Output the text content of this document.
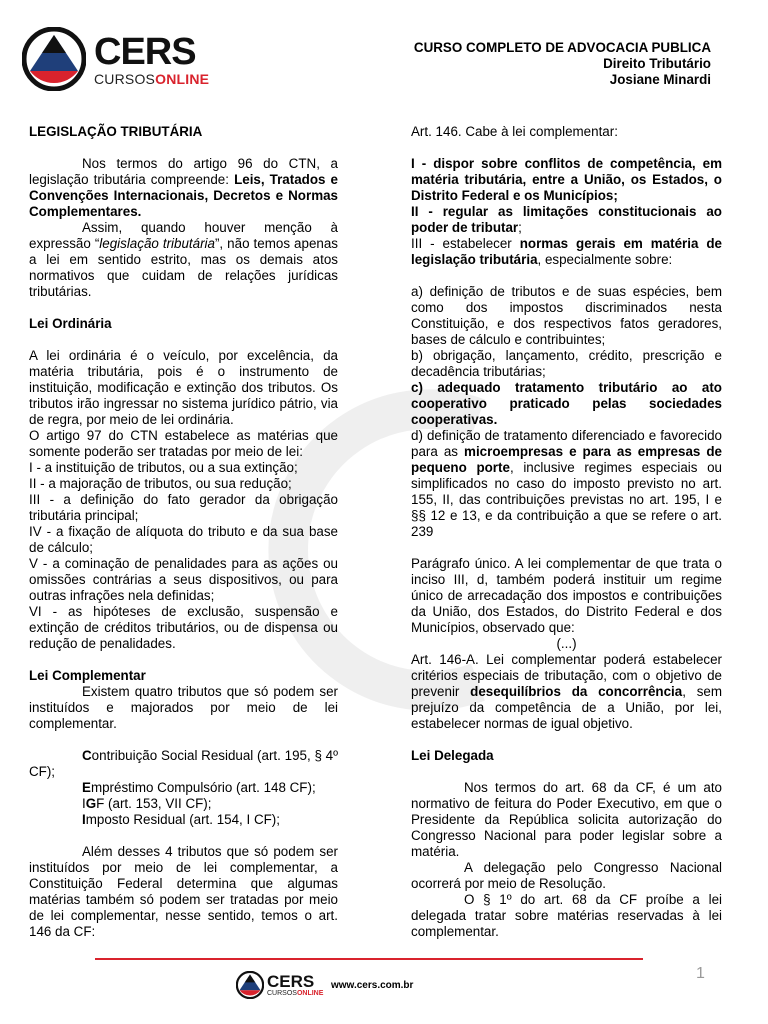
CERS
CURSOSONLINE
CURSO COMPLETO DE ADVOCACIA PUBLICA
Direito Tributário
Josiane Minardi

LEGISLAÇÃO TRIBUTÁRIA

Nos termos do artigo 96 do CTN, a legislação tributária compreende: Leis, Tratados e Convenções Internacionais, Decretos e Normas Complementares.

Assim, quando houver menção à expressão “legislação tributária”, não temos apenas a lei em sentido estrito, mas os demais atos normativos que cuidam de relações jurídicas tributárias.

Lei Ordinária

A lei ordinária é o veículo, por excelência, da matéria tributária, pois é o instrumento de instituição, modificação e extinção dos tributos. Os tributos irão ingressar no sistema jurídico pátrio, via de regra, por meio de lei ordinária.

O artigo 97 do CTN estabelece as matérias que somente poderão ser tratadas por meio de lei:

I - a instituição de tributos, ou a sua extinção;

II - a majoração de tributos, ou sua redução;

III - a definição do fato gerador da obrigação tributária principal;

IV - a fixação de alíquota do tributo e da sua base de cálculo;

V - a cominação de penalidades para as ações ou omissões contrárias a seus dispositivos, ou para outras infrações nela definidas;

VI - as hipóteses de exclusão, suspensão e extinção de créditos tributários, ou de dispensa ou redução de penalidades.

Lei Complementar

Existem quatro tributos que só podem ser instituídos e majorados por meio de lei complementar.

Contribuição Social Residual (art. 195, § 4º CF);

Empréstimo Compulsório (art. 148 CF);

IGF (art. 153, VII CF);

Imposto Residual (art. 154, I CF);

Além desses 4 tributos que só podem ser instituídos por meio de lei complementar, a Constituição Federal determina que algumas matérias também só podem ser tratadas por meio de lei complementar, nesse sentido, temos o art. 146 da CF:

Art. 146. Cabe à lei complementar:

I - dispor sobre conflitos de competência, em matéria tributária, entre a União, os Estados, o Distrito Federal e os Municípios;

II - regular as limitações constitucionais ao poder de tributar;

III - estabelecer normas gerais em matéria de legislação tributária, especialmente sobre:

a) definição de tributos e de suas espécies, bem como dos impostos discriminados nesta Constituição, e dos respectivos fatos geradores, bases de cálculo e contribuintes;

b) obrigação, lançamento, crédito, prescrição e decadência tributárias;

c) adequado tratamento tributário ao ato cooperativo praticado pelas sociedades cooperativas.

d) definição de tratamento diferenciado e favorecido para as microempresas e para as empresas de pequeno porte, inclusive regimes especiais ou simplificados no caso do imposto previsto no art. 155, II, das contribuições previstas no art. 195, I e §§ 12 e 13, e da contribuição a que se refere o art. 239

Parágrafo único. A lei complementar de que trata o inciso III, d, também poderá instituir um regime único de arrecadação dos impostos e contribuições da União, dos Estados, do Distrito Federal e dos Municípios, observado que:

(...)

Art. 146-A. Lei complementar poderá estabelecer critérios especiais de tributação, com o objetivo de prevenir desequilíbrios da concorrência, sem prejuízo da competência de a União, por lei, estabelecer normas de igual objetivo.

Lei Delegada

Nos termos do art. 68 da CF, é um ato normativo de feitura do Poder Executivo, em que o Presidente da República solicita autorização do Congresso Nacional para poder legislar sobre a matéria.

A delegação pelo Congresso Nacional ocorrerá por meio de Resolução.

O § 1º do art. 68 da CF proíbe a lei delegada tratar sobre matérias reservadas à lei complementar.

CERS
CURSOSONLINE
www.cers.com.br
1
